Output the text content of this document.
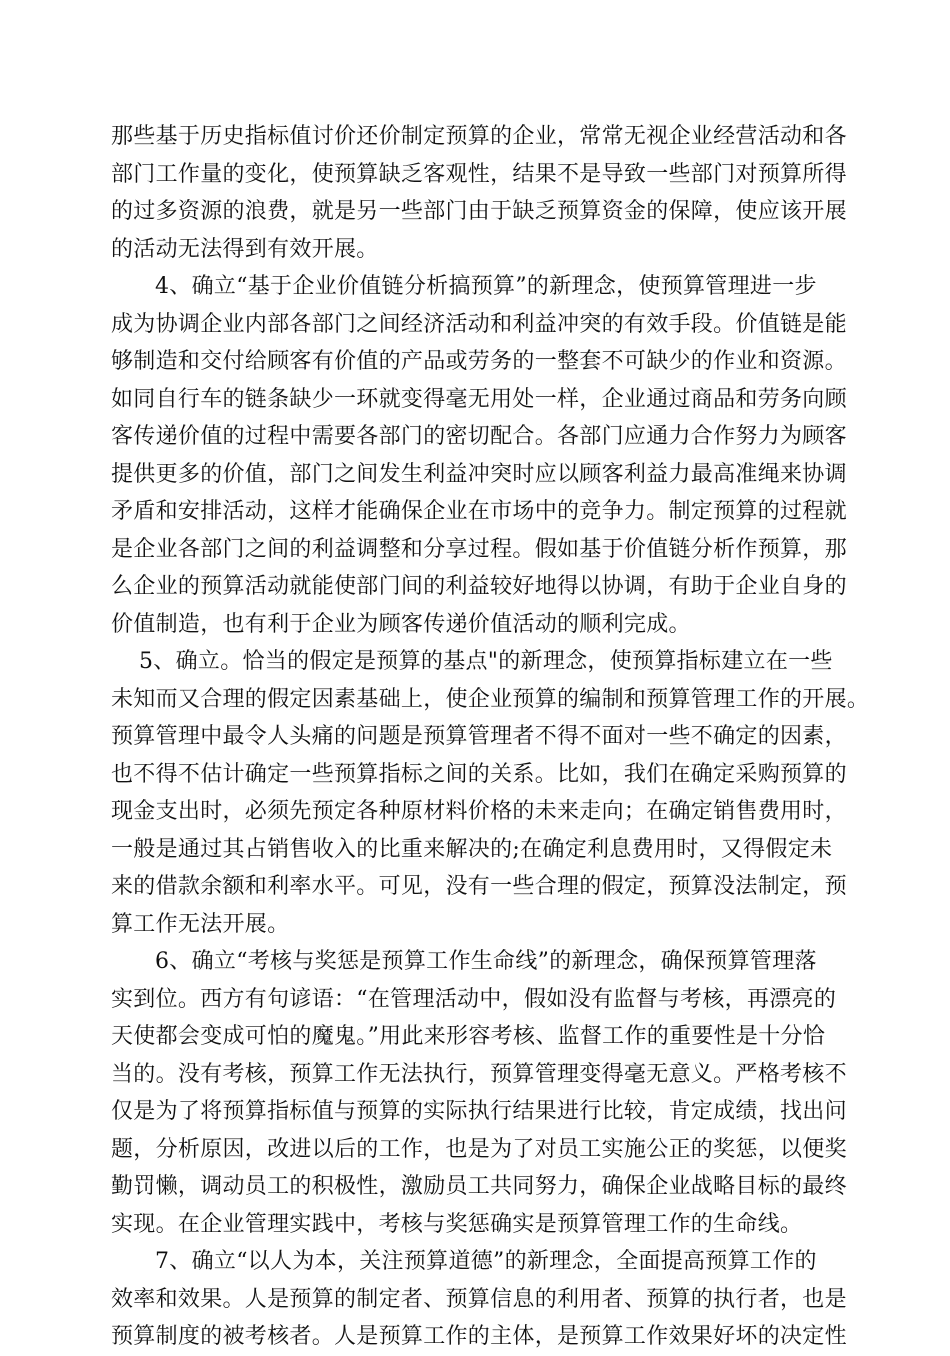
那些基于历史指标值讨价还价制定预算的企业，常常无视企业经营活动和各
部门工作量的变化，使预算缺乏客观性，结果不是导致一些部门对预算所得
的过多资源的浪费，就是另一些部门由于缺乏预算资金的保障，使应该开展
的活动无法得到有效开展。
4、确立“基于企业价值链分析搞预算”的新理念，使预算管理进一步
成为协调企业内部各部门之间经济活动和利益冲突的有效手段。价值链是能
够制造和交付给顾客有价值的产品或劳务的一整套不可缺少的作业和资源。
如同自行车的链条缺少一环就变得毫无用处一样，企业通过商品和劳务向顾
客传递价值的过程中需要各部门的密切配合。各部门应通力合作努力为顾客
提供更多的价值，部门之间发生利益冲突时应以顾客利益力最高准绳来协调
矛盾和安排活动，这样才能确保企业在市场中的竞争力。制定预算的过程就
是企业各部门之间的利益调整和分享过程。假如基于价值链分析作预算，那
么企业的预算活动就能使部门间的利益较好地得以协调，有助于企业自身的
价值制造，也有利于企业为顾客传递价值活动的顺利完成。
5、确立。恰当的假定是预算的基点"的新理念，使预算指标建立在一些
未知而又合理的假定因素基础上，使企业预算的编制和预算管理工作的开展。
预算管理中最令人头痛的问题是预算管理者不得不面对一些不确定的因素，
也不得不估计确定一些预算指标之间的关系。比如，我们在确定采购预算的
现金支出时，必须先预定各种原材料价格的未来走向；在确定销售费用时，
一般是通过其占销售收入的比重来解决的;在确定利息费用时，又得假定未
来的借款余额和利率水平。可见，没有一些合理的假定，预算没法制定，预
算工作无法开展。
6、确立“考核与奖惩是预算工作生命线”的新理念，确保预算管理落
实到位。西方有句谚语：“在管理活动中，假如没有监督与考核，再漂亮的
天使都会变成可怕的魔鬼。”用此来形容考核、监督工作的重要性是十分恰
当的。没有考核，预算工作无法执行，预算管理变得毫无意义。严格考核不
仅是为了将预算指标值与预算的实际执行结果进行比较，肯定成绩，找出问
题，分析原因，改进以后的工作，也是为了对员工实施公正的奖惩，以便奖
勤罚懒，调动员工的积极性，激励员工共同努力，确保企业战略目标的最终
实现。在企业管理实践中，考核与奖惩确实是预算管理工作的生命线。
7、确立“以人为本，关注预算道德”的新理念，全面提高预算工作的
效率和效果。人是预算的制定者、预算信息的利用者、预算的执行者，也是
预算制度的被考核者。人是预算工作的主体，是预算工作效果好坏的决定性
